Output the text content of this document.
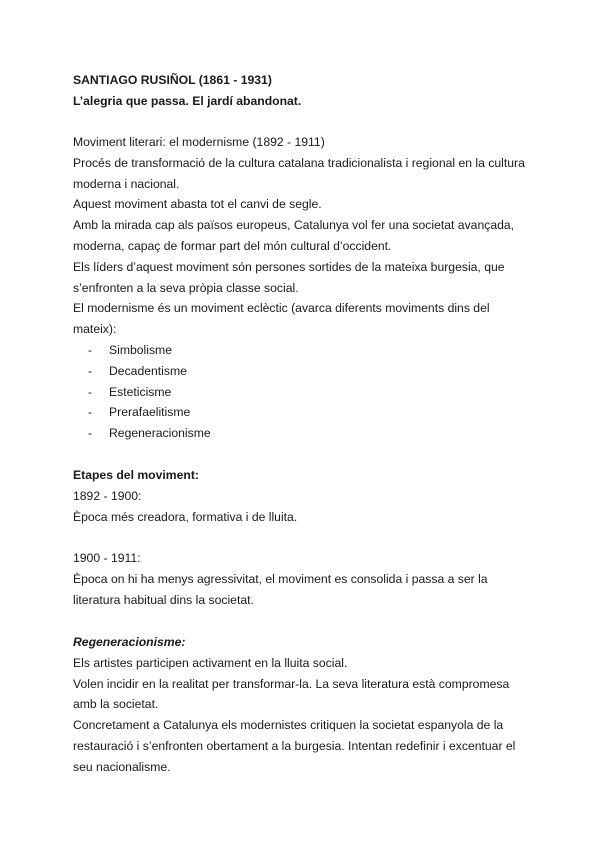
SANTIAGO RUSIÑOL (1861 - 1931)
L’alegria que passa. El jardí abandonat.
Moviment literari: el modernisme (1892 - 1911)
Procés de transformació de la cultura catalana tradicionalista i regional en la cultura
moderna i nacional.
Aquest moviment abasta tot el canvi de segle.
Amb la mirada cap als països europeus, Catalunya vol fer una societat avançada,
moderna, capaç de formar part del món cultural d’occident.
Els líders d’aquest moviment són persones sortides de la mateixa burgesia, que
s’enfronten a la seva pròpia classe social.
El modernisme és un moviment eclèctic (avarca diferents moviments dins del
mateix):
- Simbolisme
- Decadentisme
- Esteticisme
- Prerafaelitisme
- Regeneracionisme
Etapes del moviment:
1892 - 1900:
Època més creadora, formativa i de lluita.
1900 - 1911:
Època on hi ha menys agressivitat, el moviment es consolida i passa a ser la
literatura habitual dins la societat.
Regeneracionisme:
Els artistes participen activament en la lluita social.
Volen incidir en la realitat per transformar-la. La seva literatura està compromesa
amb la societat.
Concretament a Catalunya els modernistes critiquen la societat espanyola de la
restauració i s’enfronten obertament a la burgesia. Intentan redefinir i excentuar el
seu nacionalisme.
